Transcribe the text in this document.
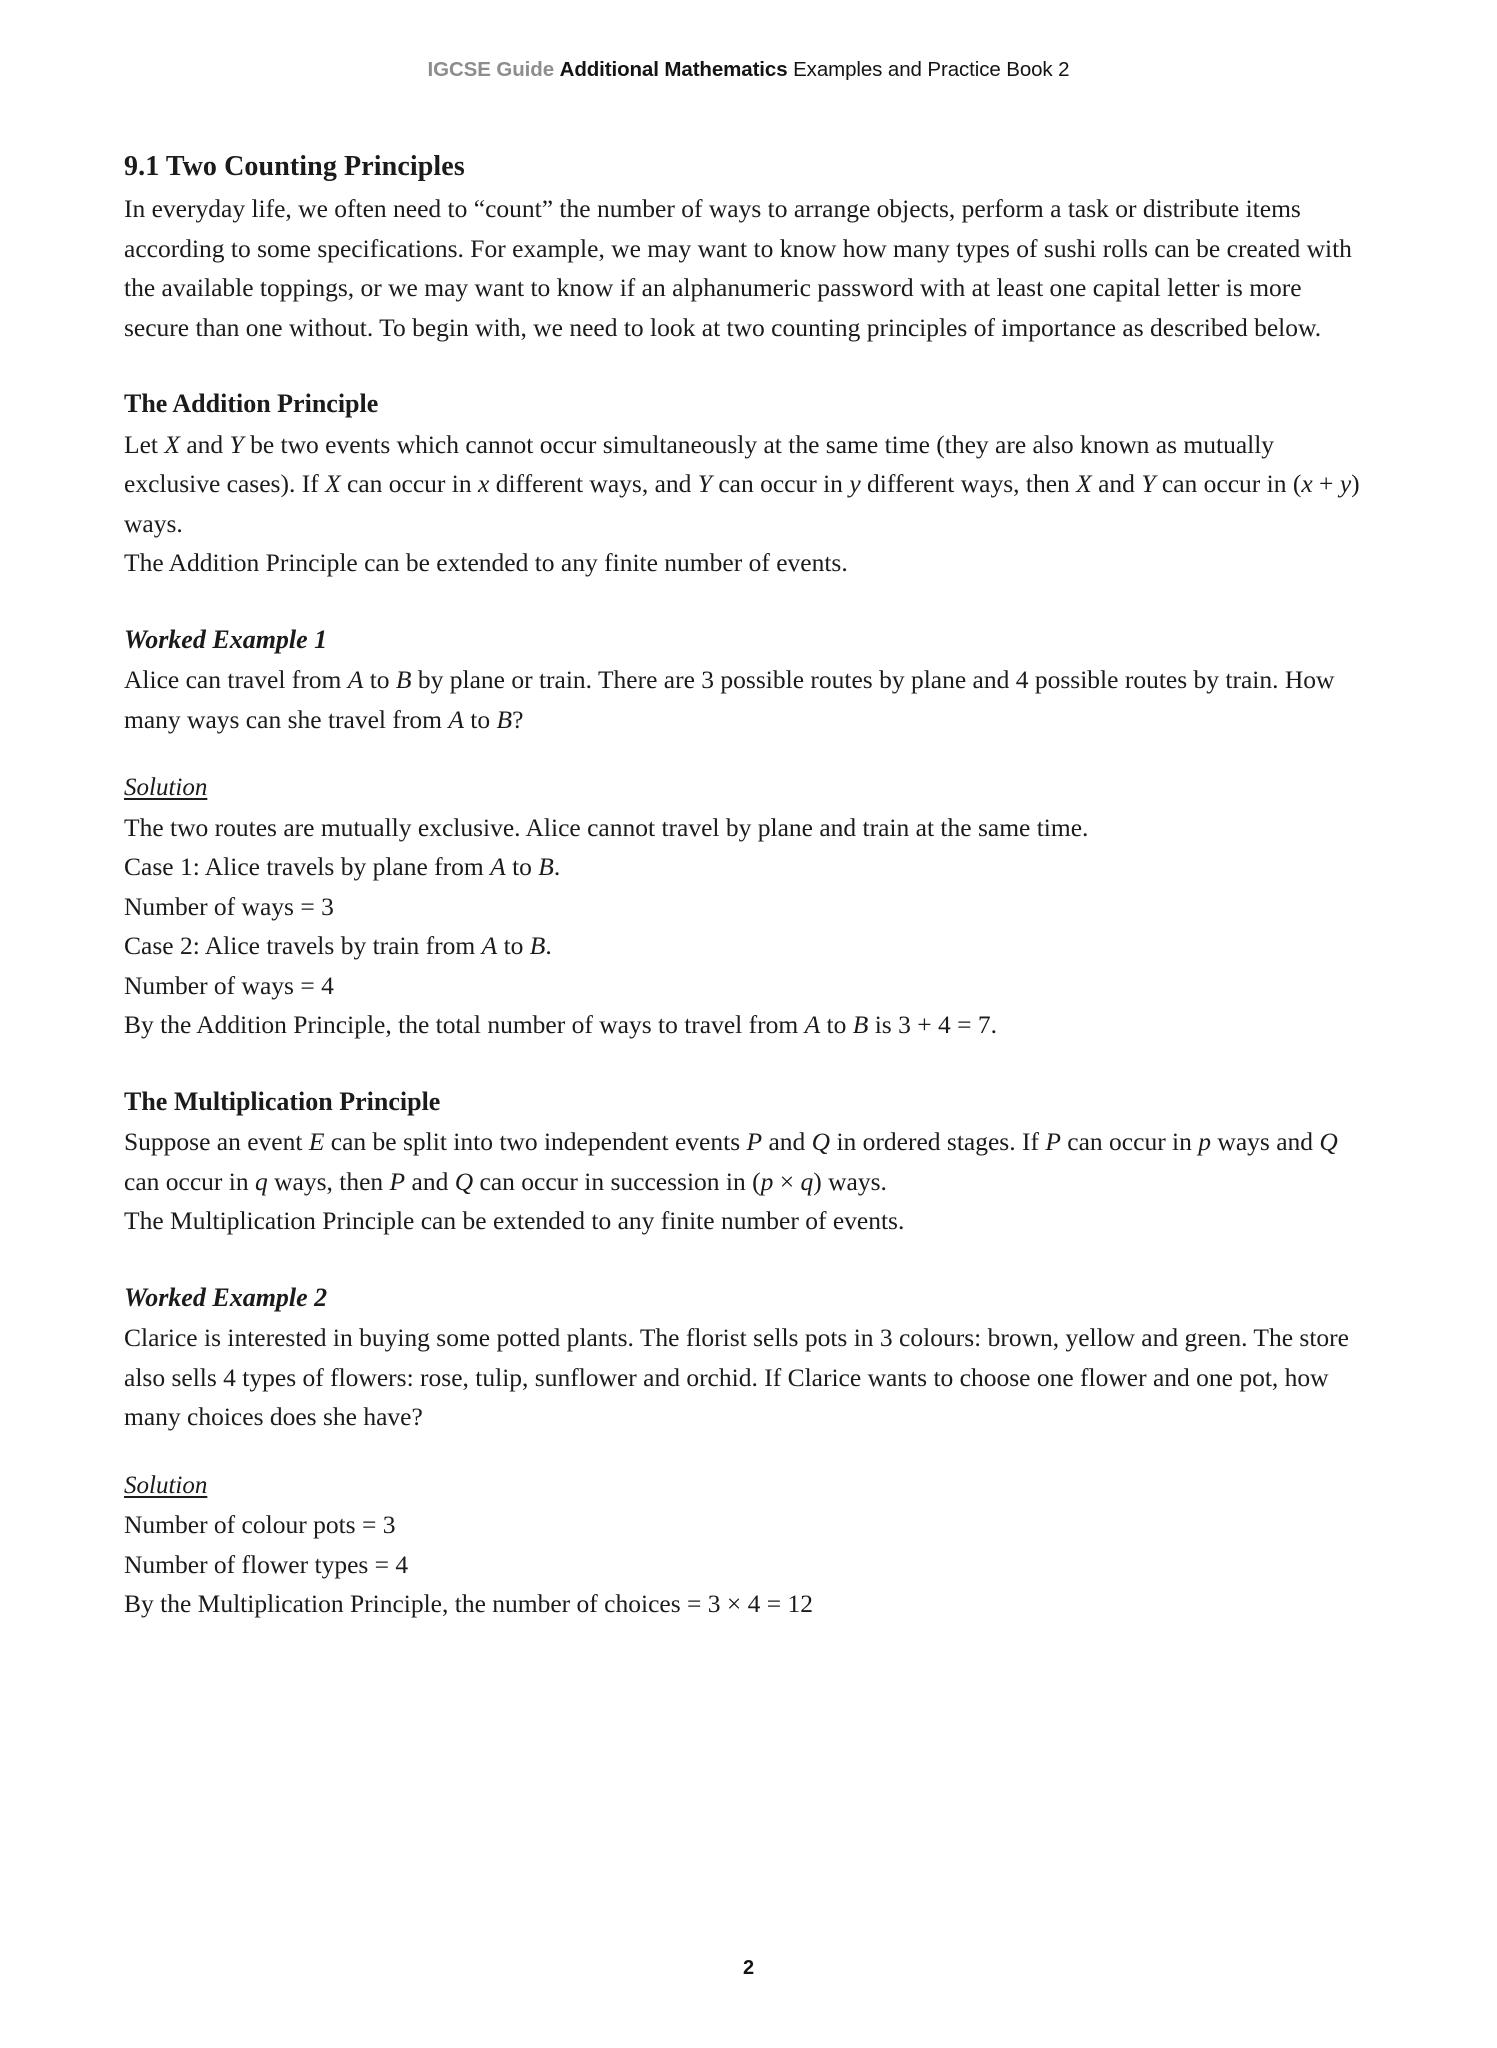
IGCSE Guide Additional Mathematics Examples and Practice Book 2
9.1 Two Counting Principles

In everyday life, we often need to “count” the number of ways to arrange objects, perform a task or distribute items according to some specifications. For example, we may want to know how many types of sushi rolls can be created with the available toppings, or we may want to know if an alphanumeric password with at least one capital letter is more secure than one without. To begin with, we need to look at two counting principles of importance as described below.

The Addition Principle

Let X and Y be two events which cannot occur simultaneously at the same time (they are also known as mutually exclusive cases). If X can occur in x different ways, and Y can occur in y different ways, then X and Y can occur in (x + y) ways.

The Addition Principle can be extended to any finite number of events.
Worked Example 1

Alice can travel from A to B by plane or train. There are 3 possible routes by plane and 4 possible routes by train. How many ways can she travel from A to B?

Solution
The two routes are mutually exclusive. Alice cannot travel by plane and train at the same time.
Case 1: Alice travels by plane from A to B.
Number of ways = 3
Case 2: Alice travels by train from A to B.
Number of ways = 4
By the Addition Principle, the total number of ways to travel from A to B is 3 + 4 = 7.
The Multiplication Principle

Suppose an event E can be split into two independent events P and Q in ordered stages. If P can occur in p ways and Q can occur in q ways, then P and Q can occur in succession in (p × q) ways.

The Multiplication Principle can be extended to any finite number of events.
Worked Example 2

Clarice is interested in buying some potted plants. The florist sells pots in 3 colours: brown, yellow and green. The store also sells 4 types of flowers: rose, tulip, sunflower and orchid. If Clarice wants to choose one flower and one pot, how many choices does she have?

Solution
Number of colour pots = 3
Number of flower types = 4
By the Multiplication Principle, the number of choices = 3 × 4 = 12
2
